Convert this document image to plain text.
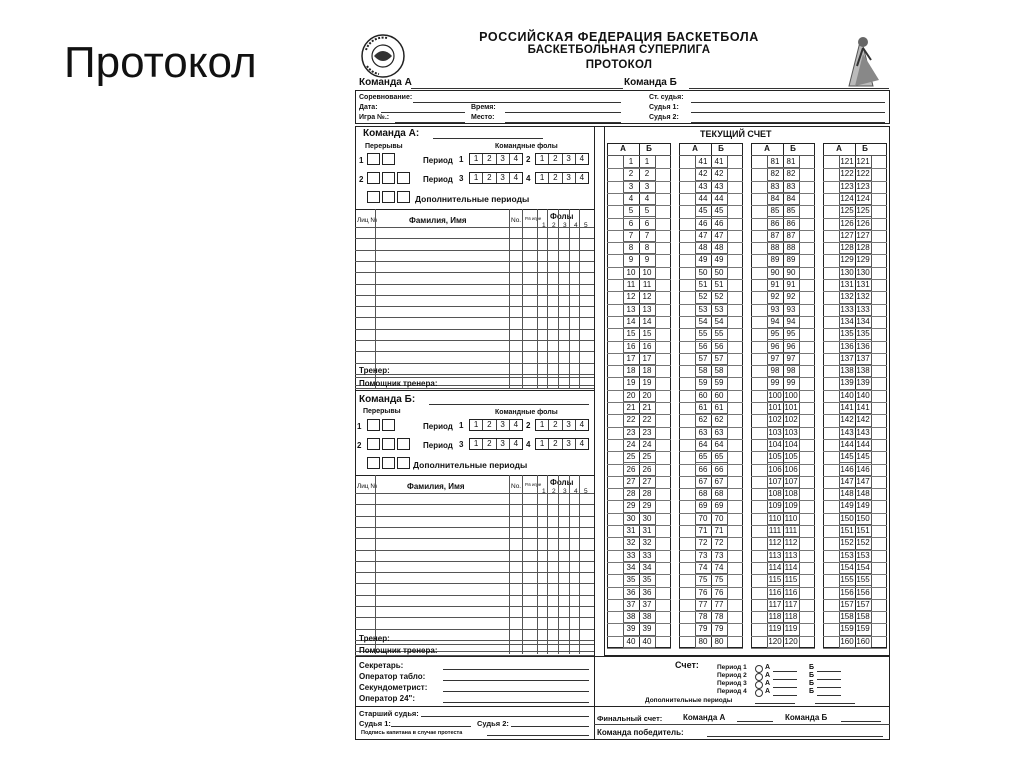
Протокол
РОССИЙСКАЯ ФЕДЕРАЦИЯ БАСКЕТБОЛА
БАСКЕТБОЛЬНАЯ СУПЕРЛИГА
ПРОТОКОЛ
Команда А	Команда Б
Соревнование:
Дата:	Время:
Игра №.:	Место:
Ст. судья:
Судья 1:
Судья 2:
Команда А:
Перерывы	Командные фолы
1	Период 1	1	2	3	4 2	1	2	3	4
2	Период 3	1	2	3	4 4	1	2	3	4
Дополнительные периоды
Лиц №	Фамилия, Имя	No. Р.в игре Фолы
1 2 3 4 5
Тренер:
Помощник тренера:
Команда Б:
Перерывы	Командные фолы
1	Период 1	1	2	3	4 2	1	2	3	4
2	Период 3	1	2	3	4 4	1	2	3	4
Дополнительные периоды
Лиц №	Фамилия, Имя	No. Р.в игре Фолы
1 2 3 4 5
Тренер:
Помощник тренера:
ТЕКУЩИЙ СЧЕТ
А	Б
1	1
2	2
3	3
4	4
5	5
6	6
7	7
8	8
9	9
10 10
11 11
12 12
13 13
14 14
15 15
16 16
17 17
18 18
19 19
20 20
21 21
22 22
23 23
24 24
25 25
26 26
27 27
28 28
29 29
30 30
31 31
32 32
33 33
34 34
35 35
36 36
37 37
38 38
39 39
40 40
А	Б
41 41
42 42
43 43
44 44
45 45
46 46
47 47
48 48
49 49
50 50
51 51
52 52
53 53
54 54
55 55
56 56
57 57
58 58
59 59
60 60
61 61
62 62
63 63
64 64
65 65
66 66
67 67
68 68
69 69
70 70
71 71
72 72
73 73
74 74
75 75
76 76
77 77
78 78
79 79
80 80
А	Б
81 81
82 82
83 83
84 84
85 85
86 86
87 87
88 88
89 89
90 90
91 91
92 92
93 93
94 94
95 95
96 96
97 97
98 98
99 99
100 100
101 101
102 102
103 103
104 104
105 105
106 106
107 107
108 108
109 109
110 110
111 111
112 112
113 113
114 114
115 115
116 116
117 117
118 118
119 119
120 120
А	Б
121 121
122 122
123 123
124 124
125 125
126 126
127 127
128 128
129 129
130 130
131 131
132 132
133 133
134 134
135 135
136 136
137 137
138 138
139 139
140 140
141 141
142 142
143 143
144 144
145 145
146 146
147 147
148 148
149 149
150 150
151 151
152 152
153 153
154 154
155 155
156 156
157 157
158 158
159 159
160 160
Секретарь:
Оператор табло:
Секундометрист:
Оператор 24":
Старший судья:
Судья 1:	Судья 2:
Подпись капитана в случае протеста
Счет:	Период 1	А	Б
Период 2	А	Б
Период 3	А	Б
Период 4	А	Б
Дополнительные периоды
Финальный счет:	Команда А	Команда Б
Команда победитель:
